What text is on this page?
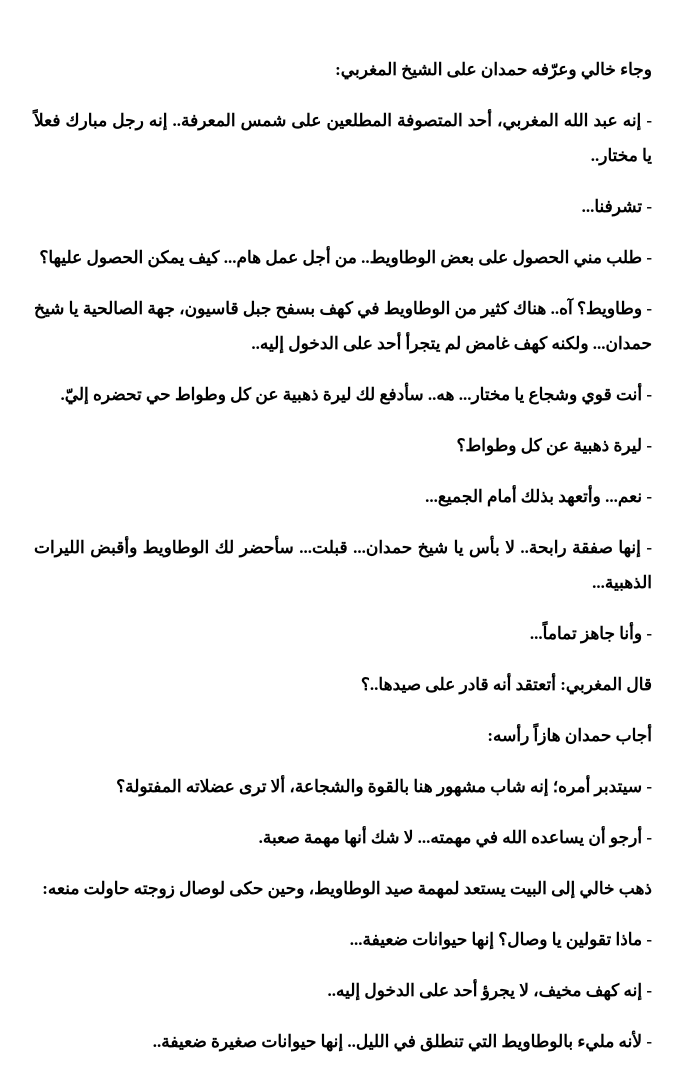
وجاء خالي وعرّفه حمدان على الشيخ المغربي:

- إنه عبد الله المغربي، أحد المتصوفة المطلعين على شمس المعرفة.. إنه رجل مبارك فعلاً يا مختار..

- تشرفنا...

- طلب مني الحصول على بعض الوطاويط.. من أجل عمل هام... كيف يمكن الحصول عليها؟

- وطاويط؟ آه.. هناك كثير من الوطاويط في كهف بسفح جبل قاسيون، جهة الصالحية يا شيخ حمدان... ولكنه كهف غامض لم يتجرأ أحد على الدخول إليه..

- أنت قوي وشجاع يا مختار... هه.. سأدفع لك ليرة ذهبية عن كل وطواط حي تحضره إليّ.

- ليرة ذهبية عن كل وطواط؟

- نعم... وأتعهد بذلك أمام الجميع...

- إنها صفقة رابحة.. لا بأس يا شيخ حمدان... قبلت... سأحضر لك الوطاويط وأقبض الليرات الذهبية...

- وأنا جاهز تماماً...

قال المغربي: أتعتقد أنه قادر على صيدها..؟

أجاب حمدان هازاً رأسه:

- سيتدبر أمره؛ إنه شاب مشهور هنا بالقوة والشجاعة، ألا ترى عضلاته المفتولة؟

- أرجو أن يساعده الله في مهمته... لا شك أنها مهمة صعبة.

ذهب خالي إلى البيت يستعد لمهمة صيد الوطاويط، وحين حكى لوصال زوجته حاولت منعه:

- ماذا تقولين يا وصال؟ إنها حيوانات ضعيفة...

- إنه كهف مخيف، لا يجرؤ أحد على الدخول إليه..

- لأنه مليء بالوطاويط التي تنطلق في الليل.. إنها حيوانات صغيرة ضعيفة..
